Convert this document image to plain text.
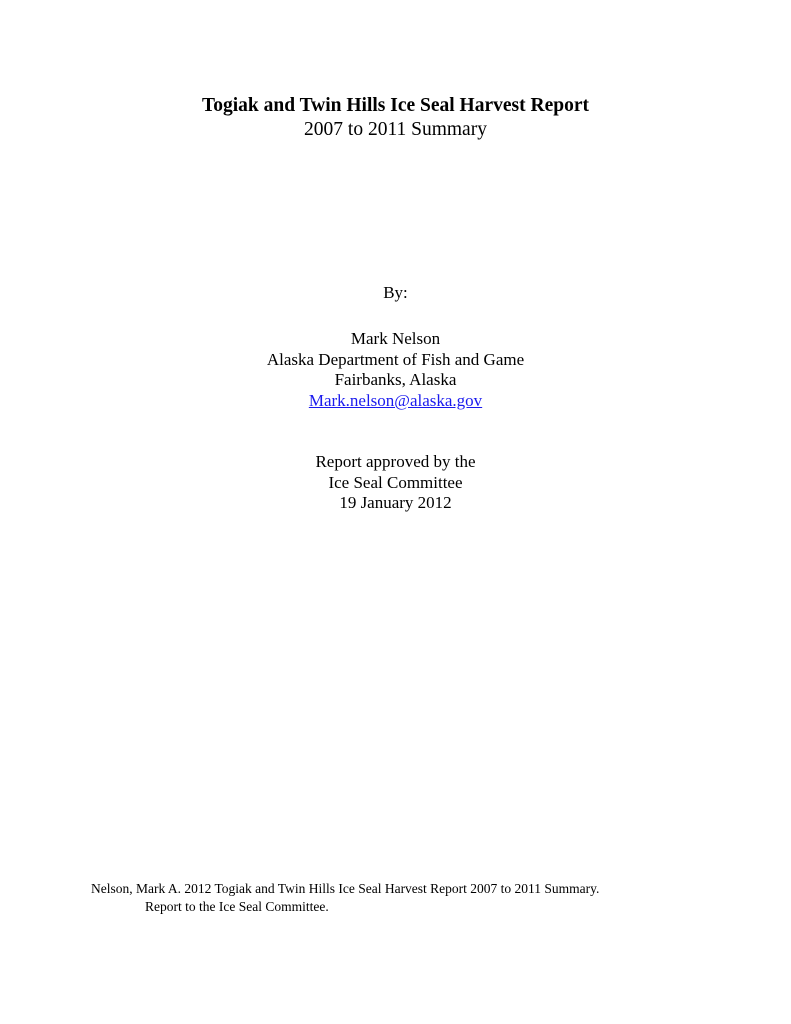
Togiak and Twin Hills Ice Seal Harvest Report

2007 to 2011 Summary

By:
Mark Nelson
Alaska Department of Fish and Game
Fairbanks, Alaska
Mark.nelson@alaska.gov
Report approved by the
Ice Seal Committee
19 January 2012
Nelson, Mark A. 2012 Togiak and Twin Hills Ice Seal Harvest Report 2007 to 2011 Summary.
Report to the Ice Seal Committee.
